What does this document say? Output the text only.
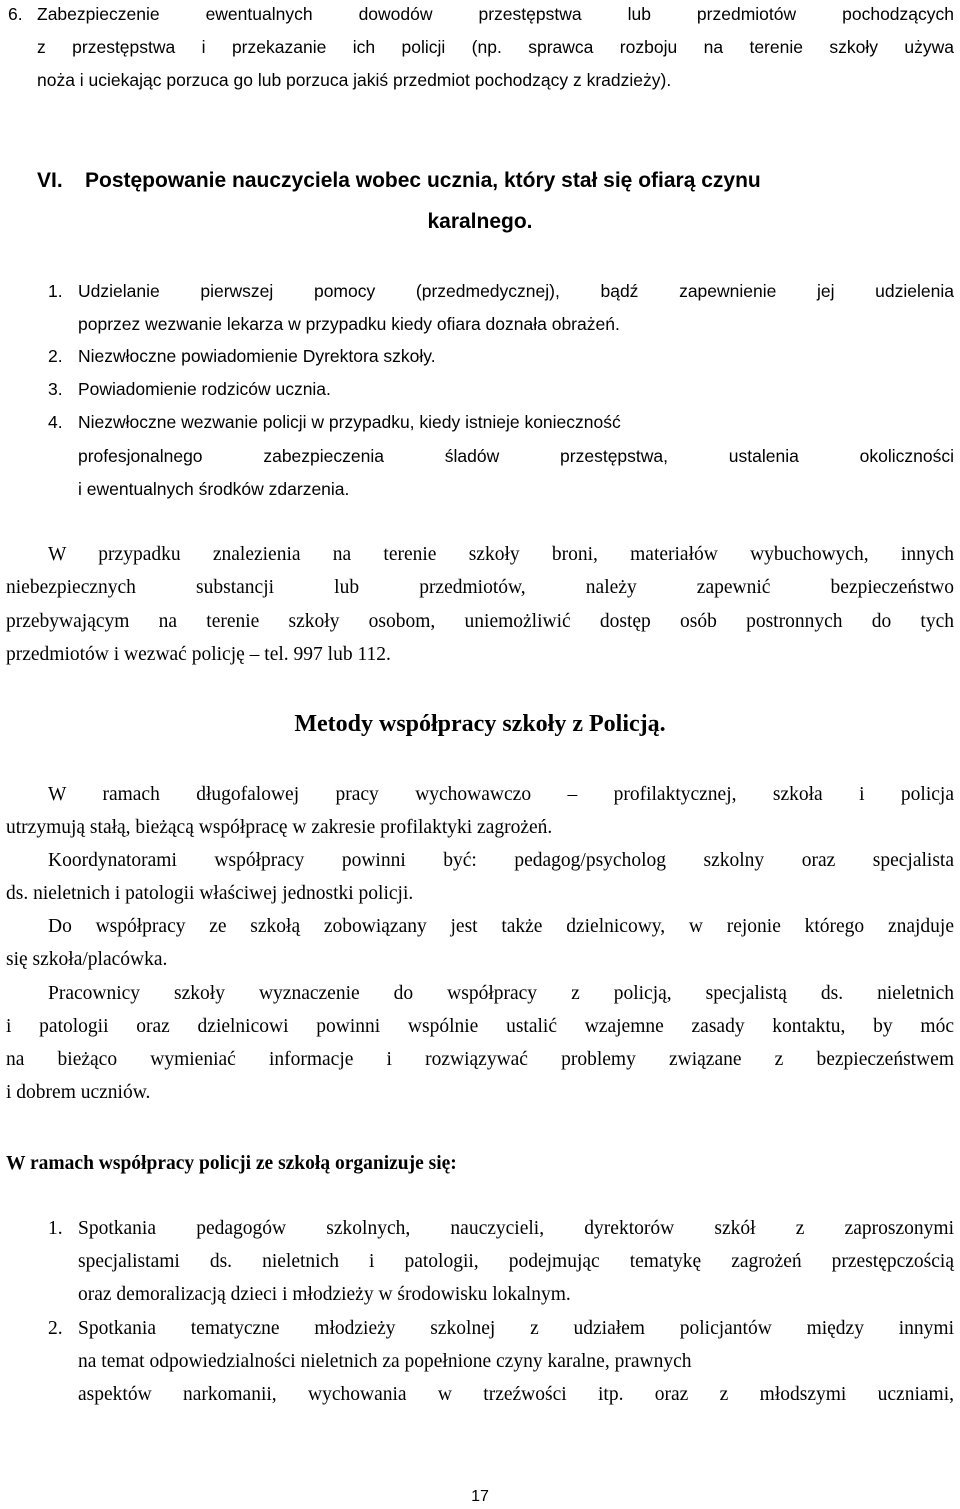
6. Zabezpieczenie ewentualnych dowodów przestępstwa lub przedmiotów pochodzących
z przestępstwa i przekazanie ich policji (np. sprawca rozboju na terenie szkoły używa
noża i uciekając porzuca go lub porzuca jakiś przedmiot pochodzący z kradzieży).
VI. Postępowanie nauczyciela wobec ucznia, który stał się ofiarą czynu
karalnego.
1. Udzielanie pierwszej pomocy (przedmedycznej), bądź zapewnienie jej udzielenia
poprzez wezwanie lekarza w przypadku kiedy ofiara doznała obrażeń.
2. Niezwłoczne powiadomienie Dyrektora szkoły.
3. Powiadomienie rodziców ucznia.
4. Niezwłoczne wezwanie policji w przypadku, kiedy istnieje konieczność
profesjonalnego zabezpieczenia śladów przestępstwa, ustalenia okoliczności
i ewentualnych środków zdarzenia.
W przypadku znalezienia na terenie szkoły broni, materiałów wybuchowych, innych
niebezpiecznych substancji lub przedmiotów, należy zapewnić bezpieczeństwo
przebywającym na terenie szkoły osobom, uniemożliwić dostęp osób postronnych do tych
przedmiotów i wezwać policję – tel. 997 lub 112.
Metody współpracy szkoły z Policją.
W ramach długofalowej pracy wychowawczo – profilaktycznej, szkoła i policja
utrzymują stałą, bieżącą współpracę w zakresie profilaktyki zagrożeń.
Koordynatorami współpracy powinni być: pedagog/psycholog szkolny oraz specjalista
ds. nieletnich i patologii właściwej jednostki policji.
Do współpracy ze szkołą zobowiązany jest także dzielnicowy, w rejonie którego znajduje
się szkoła/placówka.
Pracownicy szkoły wyznaczenie do współpracy z policją, specjalistą ds. nieletnich
i patologii oraz dzielnicowi powinni wspólnie ustalić wzajemne zasady kontaktu, by móc
na bieżąco wymieniać informacje i rozwiązywać problemy związane z bezpieczeństwem
i dobrem uczniów.
W ramach współpracy policji ze szkołą organizuje się:
1. Spotkania pedagogów szkolnych, nauczycieli, dyrektorów szkół z zaproszonymi
specjalistami ds. nieletnich i patologii, podejmując tematykę zagrożeń przestępczością
oraz demoralizacją dzieci i młodzieży w środowisku lokalnym.
2. Spotkania tematyczne młodzieży szkolnej z udziałem policjantów między innymi
na temat odpowiedzialności nieletnich za popełnione czyny karalne, prawnych
aspektów narkomanii, wychowania w trzeźwości itp. oraz z młodszymi uczniami,
17
